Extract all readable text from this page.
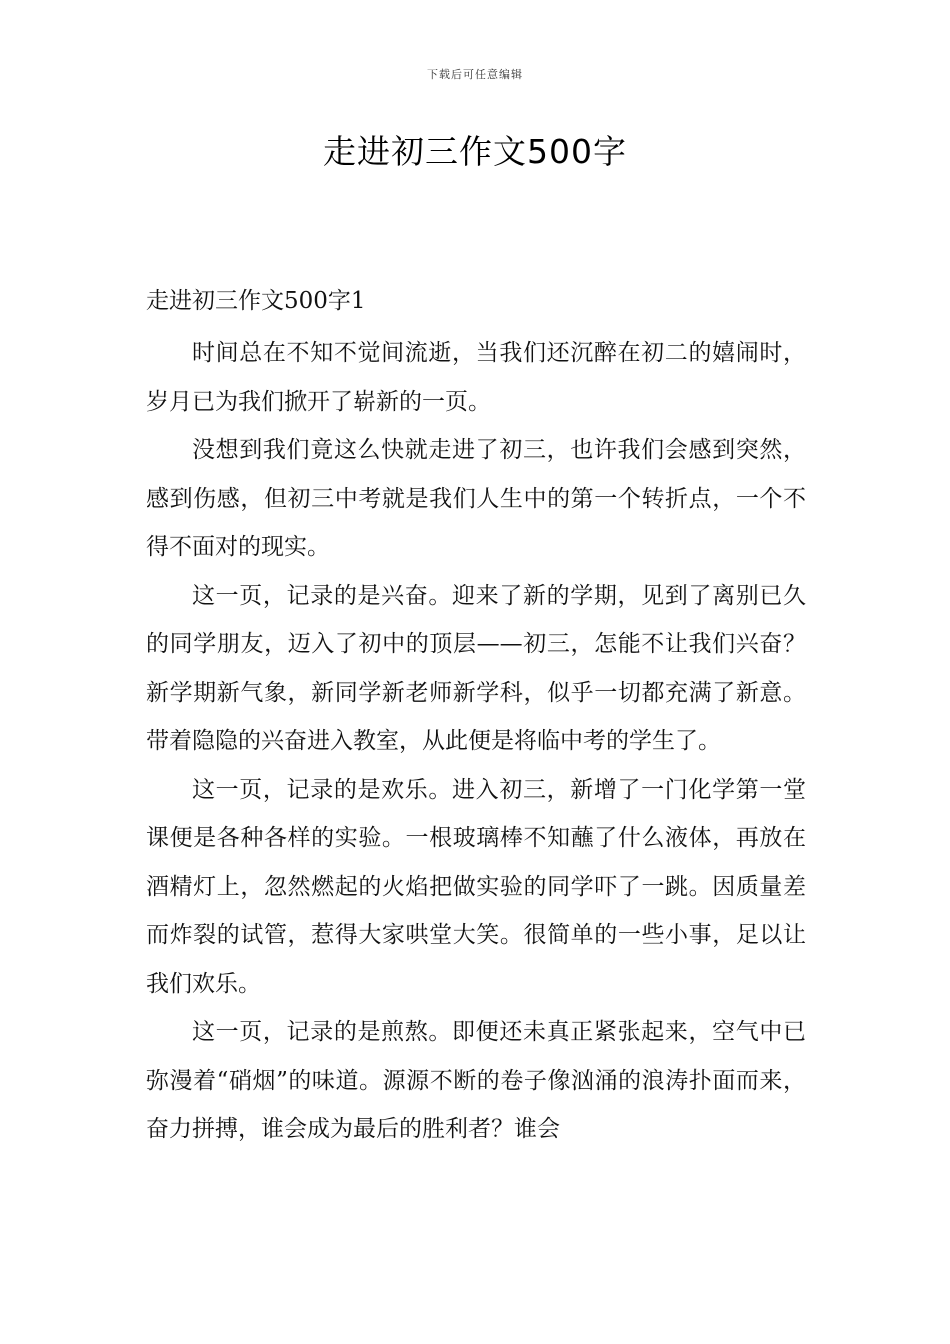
下载后可任意编辑
走进初三作文500字

走进初三作文500字1

时间总在不知不觉间流逝，当我们还沉醉在初二的嬉闹时，岁月已为我们掀开了崭新的一页。

没想到我们竟这么快就走进了初三，也许我们会感到突然，感到伤感，但初三中考就是我们人生中的第一个转折点，一个不得不面对的现实。

这一页，记录的是兴奋。迎来了新的学期，见到了离别已久的同学朋友，迈入了初中的顶层——初三，怎能不让我们兴奋？新学期新气象，新同学新老师新学科，似乎一切都充满了新意。带着隐隐的兴奋进入教室，从此便是将临中考的学生了。

这一页，记录的是欢乐。进入初三，新增了一门化学第一堂课便是各种各样的实验。一根玻璃棒不知蘸了什么液体，再放在酒精灯上，忽然燃起的火焰把做实验的同学吓了一跳。因质量差而炸裂的试管，惹得大家哄堂大笑。很简单的一些小事，足以让我们欢乐。

这一页，记录的是煎熬。即便还未真正紧张起来，空气中已弥漫着“硝烟”的味道。源源不断的卷子像汹涌的浪涛扑面而来，奋力拼搏，谁会成为最后的胜利者？谁会
